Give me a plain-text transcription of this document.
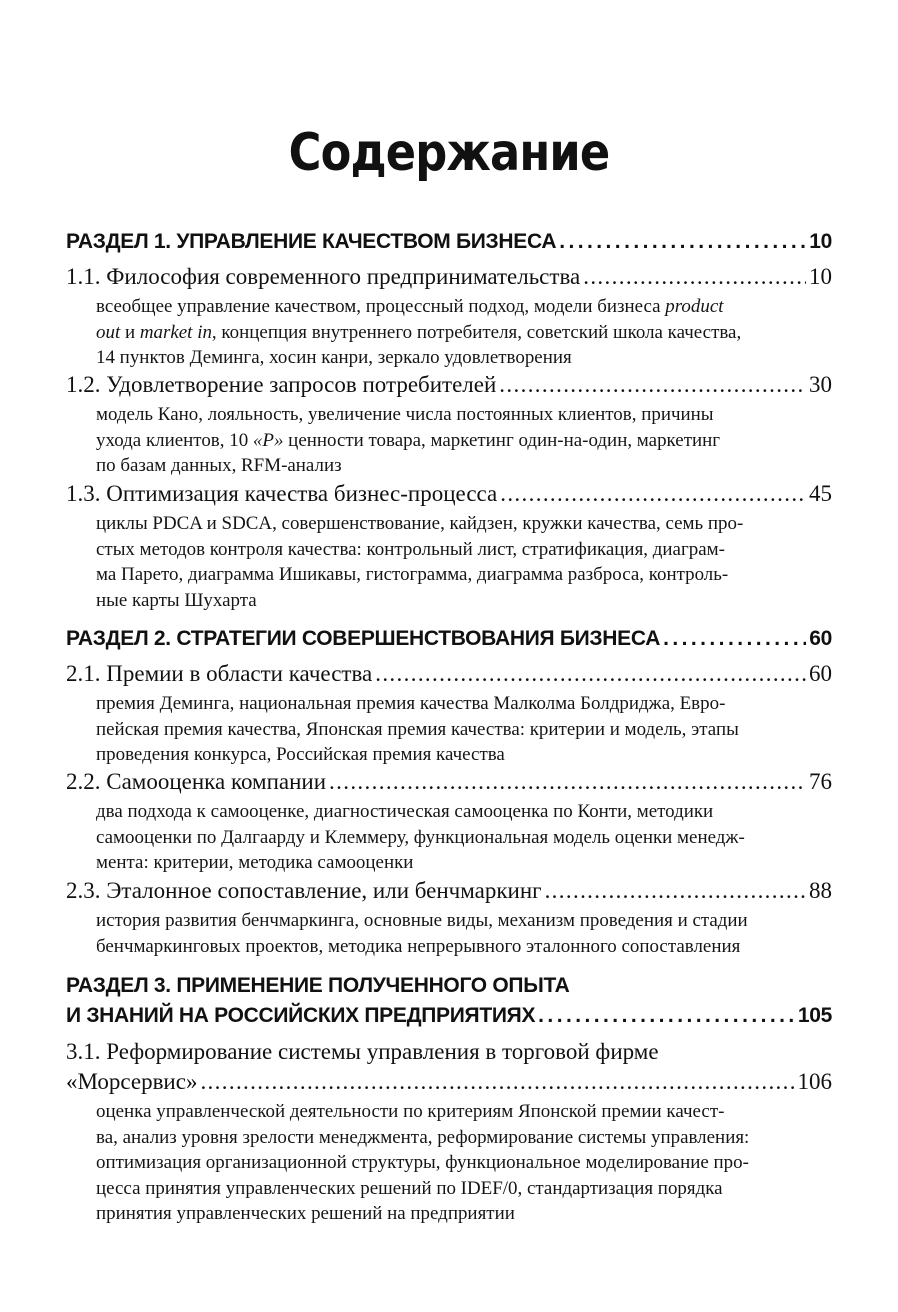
Содержание
РАЗДЕЛ 1. УПРАВЛЕНИЕ КАЧЕСТВОМ БИЗНЕСА . . .	10
1.1. Философия современного предпринимательства . . .	10
всеобщее управление качеством, процессный подход, модели бизнеса product
out и market in, концепция внутреннего потребителя, советский школа качества,
14 пунктов Деминга, хосин канри, зеркало удовлетворения
1.2. Удовлетворение запросов потребителей . . .	30
модель Кано, лояльность, увеличение числа постоянных клиентов, причины
ухода клиентов, 10 «P» ценности товара, маркетинг один-на-один, маркетинг
по базам данных, RFM-анализ
1.3. Оптимизация качества бизнес-процесса . . .	45
циклы PDCA и SDCA, совершенствование, кайдзен, кружки качества, семь про-
стых методов контроля качества: контрольный лист, стратификация, диаграм-
ма Парето, диаграмма Ишикавы, гистограмма, диаграмма разброса, контроль-
ные карты Шухарта
РАЗДЕЛ 2. СТРАТЕГИИ СОВЕРШЕНСТВОВАНИЯ БИЗНЕСА . . .	60
2.1. Премии в области качества . . .	60
премия Деминга, национальная премия качества Малколма Болдриджа, Евро-
пейская премия качества, Японская премия качества: критерии и модель, этапы
проведения конкурса, Российская премия качества
2.2. Самооценка компании . . .	76
два подхода к самооценке, диагностическая самооценка по Конти, методики
самооценки по Далгаарду и Клеммеру, функциональная модель оценки менедж-
мента: критерии, методика самооценки
2.3. Эталонное сопоставление, или бенчмаркинг . . .	88
история развития бенчмаркинга, основные виды, механизм проведения и стадии
бенчмаркинговых проектов, методика непрерывного эталонного сопоставления
РАЗДЕЛ 3. ПРИМЕНЕНИЕ ПОЛУЧЕННОГО ОПЫТА
И ЗНАНИЙ НА РОССИЙСКИХ ПРЕДПРИЯТИЯХ . . .	105
3.1. Реформирование системы управления в торговой фирме
«Морсервис» . . .	106
оценка управленческой деятельности по критериям Японской премии качест-
ва, анализ уровня зрелости менеджмента, реформирование системы управления:
оптимизация организационной структуры, функциональное моделирование про-
цесса принятия управленческих решений по IDEF/0, стандартизация порядка
принятия управленческих решений на предприятии
